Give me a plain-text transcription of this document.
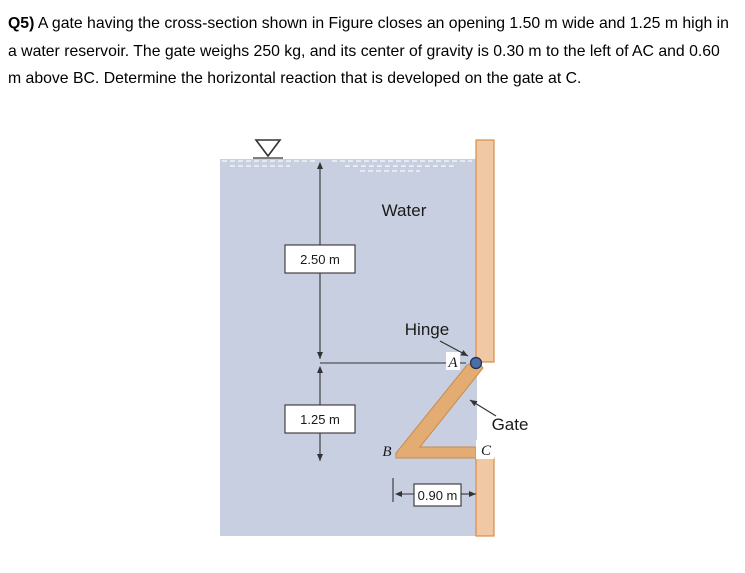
Q5) A gate having the cross-section shown in Figure closes an opening 1.50 m wide and 1.25 m high in a water reservoir. The gate weighs 250 kg, and its center of gravity is 0.30 m to the left of AC and 0.60 m above BC. Determine the horizontal reaction that is developed on the gate at C.
2.50 m
1.25 m
0.90 m
Water
Hinge
A
B	C
Gate
